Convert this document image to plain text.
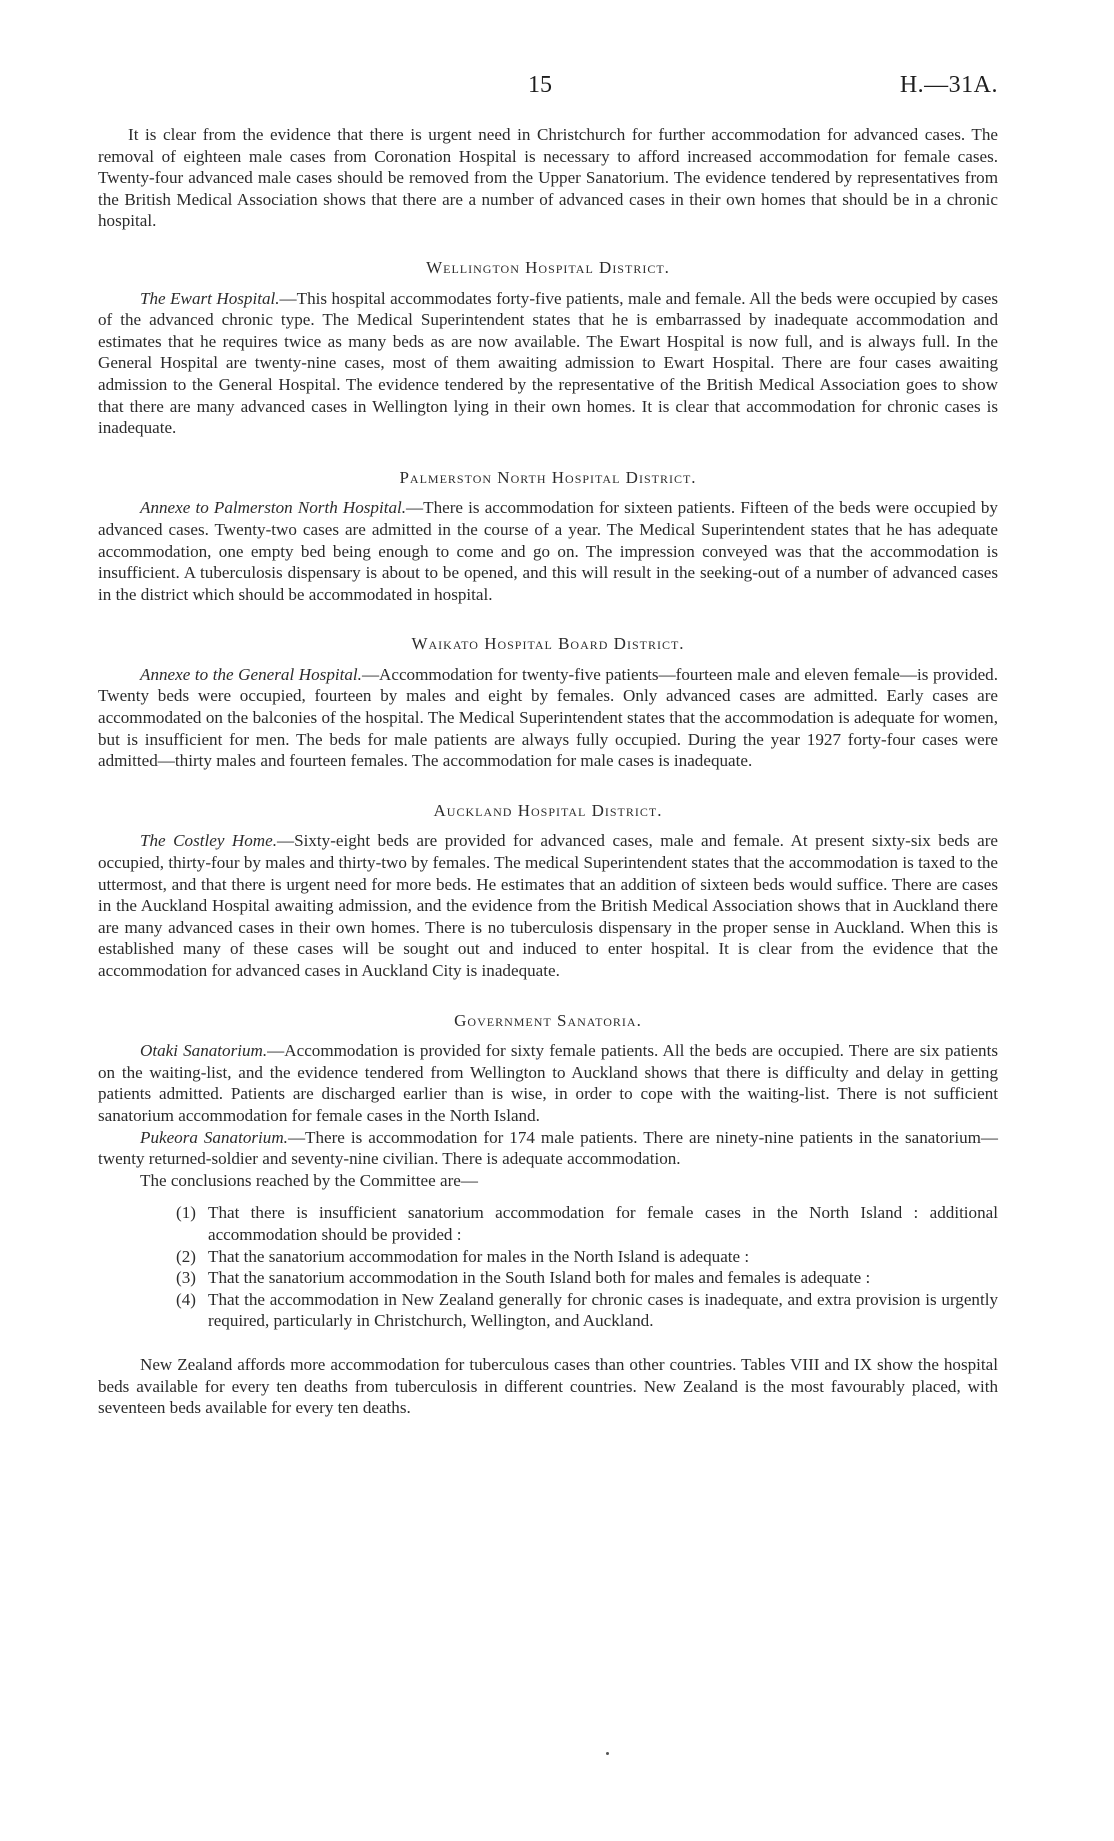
15	H.—31A.

It is clear from the evidence that there is urgent need in Christchurch for further accommodation for advanced cases. The removal of eighteen male cases from Coronation Hospital is necessary to afford increased accommodation for female cases. Twenty-four advanced male cases should be removed from the Upper Sanatorium. The evidence tendered by representatives from the British Medical Association shows that there are a number of advanced cases in their own homes that should be in a chronic hospital.

Wellington Hospital District.

The Ewart Hospital.—This hospital accommodates forty-five patients, male and female. All the beds were occupied by cases of the advanced chronic type. The Medical Superintendent states that he is embarrassed by inadequate accommodation and estimates that he requires twice as many beds as are now available. The Ewart Hospital is now full, and is always full. In the General Hospital are twenty-nine cases, most of them awaiting admission to Ewart Hospital. There are four cases awaiting admission to the General Hospital. The evidence tendered by the representative of the British Medical Association goes to show that there are many advanced cases in Wellington lying in their own homes. It is clear that accommodation for chronic cases is inadequate.

Palmerston North Hospital District.

Annexe to Palmerston North Hospital.—There is accommodation for sixteen patients. Fifteen of the beds were occupied by advanced cases. Twenty-two cases are admitted in the course of a year. The Medical Superintendent states that he has adequate accommodation, one empty bed being enough to come and go on. The impression conveyed was that the accommodation is insufficient. A tuberculosis dispensary is about to be opened, and this will result in the seeking-out of a number of advanced cases in the district which should be accommodated in hospital.

Waikato Hospital Board District.

Annexe to the General Hospital.—Accommodation for twenty-five patients—fourteen male and eleven female—is provided. Twenty beds were occupied, fourteen by males and eight by females. Only advanced cases are admitted. Early cases are accommodated on the balconies of the hospital. The Medical Superintendent states that the accommodation is adequate for women, but is insufficient for men. The beds for male patients are always fully occupied. During the year 1927 forty-four cases were admitted—thirty males and fourteen females. The accommodation for male cases is inadequate.

Auckland Hospital District.

The Costley Home.—Sixty-eight beds are provided for advanced cases, male and female. At present sixty-six beds are occupied, thirty-four by males and thirty-two by females. The medical Superintendent states that the accommodation is taxed to the uttermost, and that there is urgent need for more beds. He estimates that an addition of sixteen beds would suffice. There are cases in the Auckland Hospital awaiting admission, and the evidence from the British Medical Association shows that in Auckland there are many advanced cases in their own homes. There is no tuberculosis dispensary in the proper sense in Auckland. When this is established many of these cases will be sought out and induced to enter hospital. It is clear from the evidence that the accommodation for advanced cases in Auckland City is inadequate.

Government Sanatoria.

Otaki Sanatorium.—Accommodation is provided for sixty female patients. All the beds are occupied. There are six patients on the waiting-list, and the evidence tendered from Wellington to Auckland shows that there is difficulty and delay in getting patients admitted. Patients are discharged earlier than is wise, in order to cope with the waiting-list. There is not sufficient sanatorium accommodation for female cases in the North Island.

Pukeora Sanatorium.—There is accommodation for 174 male patients. There are ninety-nine patients in the sanatorium—twenty returned-soldier and seventy-nine civilian. There is adequate accommodation.

The conclusions reached by the Committee are—

(1) That there is insufficient sanatorium accommodation for female cases in the North Island : additional accommodation should be provided :
(2) That the sanatorium accommodation for males in the North Island is adequate :
(3) That the sanatorium accommodation in the South Island both for males and females is adequate :
(4) That the accommodation in New Zealand generally for chronic cases is inadequate, and extra provision is urgently required, particularly in Christchurch, Wellington, and Auckland.

New Zealand affords more accommodation for tuberculous cases than other countries. Tables VIII and IX show the hospital beds available for every ten deaths from tuberculosis in different countries. New Zealand is the most favourably placed, with seventeen beds available for every ten deaths.
